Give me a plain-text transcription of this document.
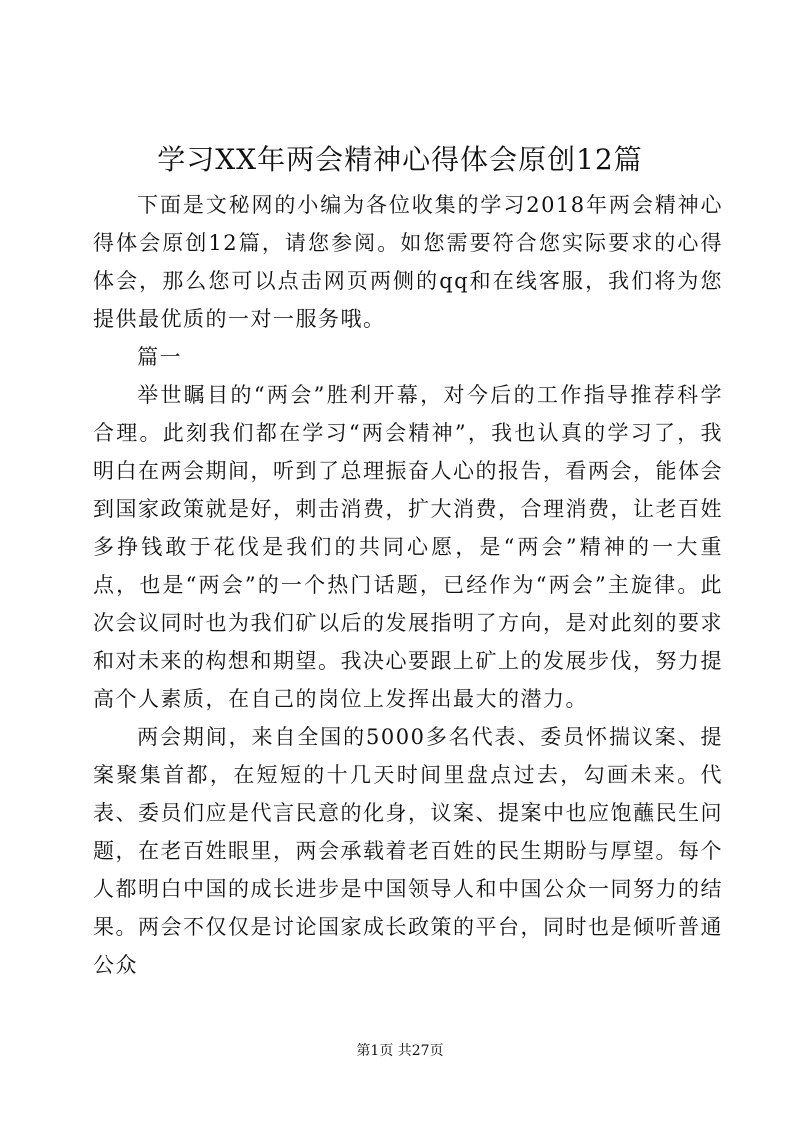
学习XX年两会精神心得体会原创12篇

下面是文秘网的小编为各位收集的学习2018年两会精神心得体会原创12篇，请您参阅。如您需要符合您实际要求的心得体会，那么您可以点击网页两侧的qq和在线客服，我们将为您提供最优质的一对一服务哦。

篇一

举世瞩目的“两会”胜利开幕，对今后的工作指导推荐科学合理。此刻我们都在学习“两会精神”，我也认真的学习了，我明白在两会期间，听到了总理振奋人心的报告，看两会，能体会到国家政策就是好，刺击消费，扩大消费，合理消费，让老百姓多挣钱敢于花伐是我们的共同心愿，是“两会”精神的一大重点，也是“两会”的一个热门话题，已经作为“两会”主旋律。此次会议同时也为我们矿以后的发展指明了方向，是对此刻的要求和对未来的构想和期望。我决心要跟上矿上的发展步伐，努力提高个人素质，在自己的岗位上发挥出最大的潜力。

两会期间，来自全国的5000多名代表、委员怀揣议案、提案聚集首都，在短短的十几天时间里盘点过去，勾画未来。代表、委员们应是代言民意的化身，议案、提案中也应饱蘸民生问题，在老百姓眼里，两会承载着老百姓的民生期盼与厚望。每个人都明白中国的成长进步是中国领导人和中国公众一同努力的结果。两会不仅仅是讨论国家成长政策的平台，同时也是倾听普通公众

第1页 共27页
